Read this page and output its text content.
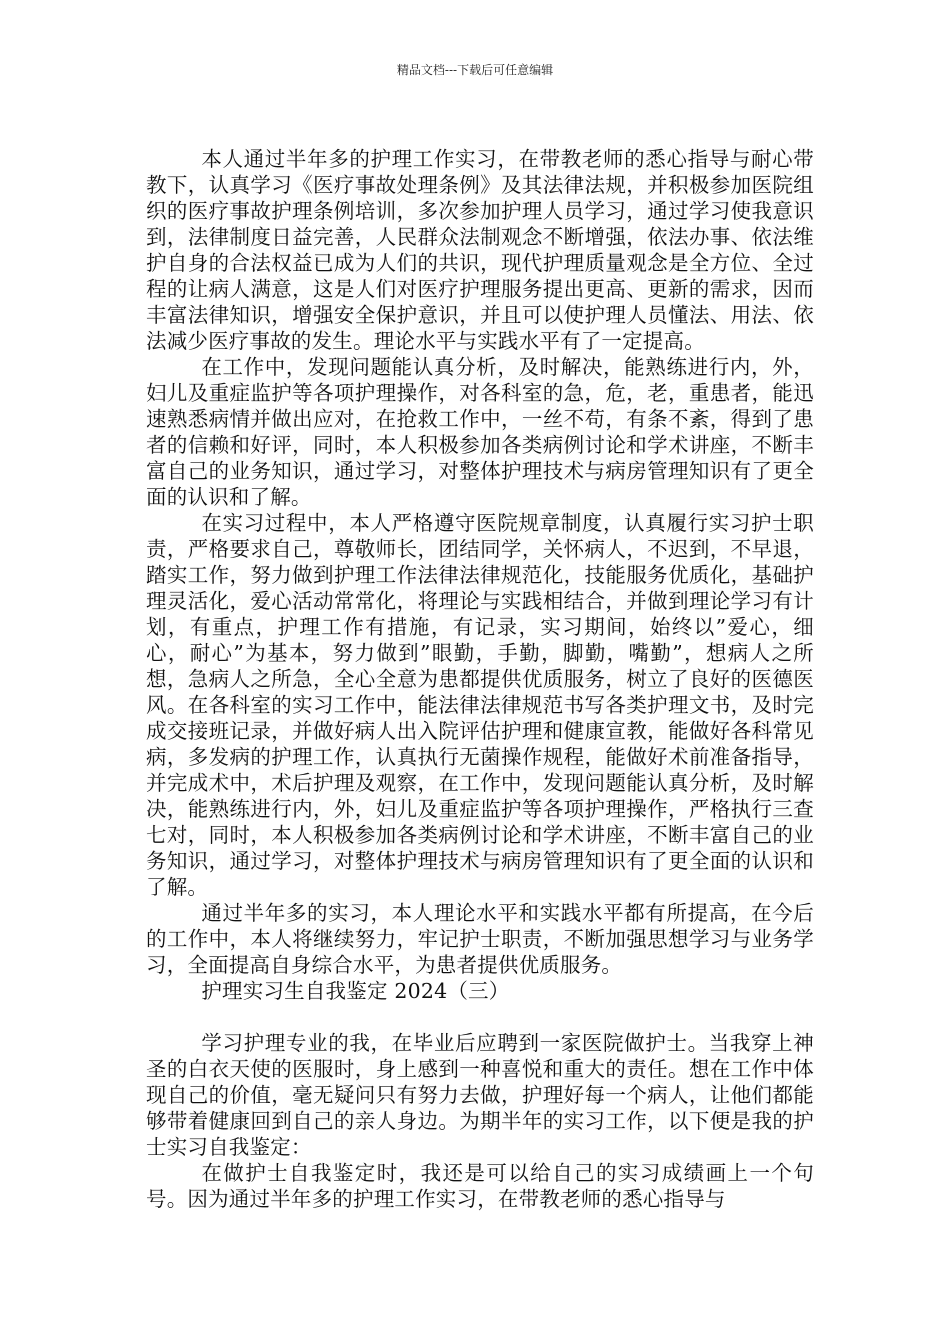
精品文档---下载后可任意编辑

本人通过半年多的护理工作实习，在带教老师的悉心指导与耐心带教下，认真学习《医疗事故处理条例》及其法律法规，并积极参加医院组织的医疗事故护理条例培训，多次参加护理人员学习，通过学习使我意识到，法律制度日益完善，人民群众法制观念不断增强，依法办事、依法维护自身的合法权益已成为人们的共识，现代护理质量观念是全方位、全过程的让病人满意，这是人们对医疗护理服务提出更高、更新的需求，因而丰富法律知识，增强安全保护意识，并且可以使护理人员懂法、用法、依法减少医疗事故的发生。理论水平与实践水平有了一定提高。

在工作中，发现问题能认真分析，及时解决，能熟练进行内，外，妇儿及重症监护等各项护理操作，对各科室的急，危，老，重患者，能迅速熟悉病情并做出应对，在抢救工作中，一丝不苟，有条不紊，得到了患者的信赖和好评，同时，本人积极参加各类病例讨论和学术讲座，不断丰富自己的业务知识，通过学习，对整体护理技术与病房管理知识有了更全面的认识和了解。

在实习过程中，本人严格遵守医院规章制度，认真履行实习护士职责，严格要求自己，尊敬师长，团结同学，关怀病人，不迟到，不早退，踏实工作，努力做到护理工作法律法律规范化，技能服务优质化，基础护理灵活化，爱心活动常常化，将理论与实践相结合，并做到理论学习有计划，有重点，护理工作有措施，有记录，实习期间，始终以”爱心，细心，耐心”为基本，努力做到”眼勤，手勤，脚勤，嘴勤”，想病人之所想，急病人之所急，全心全意为患都提供优质服务，树立了良好的医德医风。在各科室的实习工作中，能法律法律规范书写各类护理文书，及时完成交接班记录，并做好病人出入院评估护理和健康宣教，能做好各科常见病，多发病的护理工作，认真执行无菌操作规程，能做好术前准备指导，并完成术中，术后护理及观察，在工作中，发现问题能认真分析，及时解决，能熟练进行内，外，妇儿及重症监护等各项护理操作，严格执行三查七对，同时，本人积极参加各类病例讨论和学术讲座，不断丰富自己的业务知识，通过学习，对整体护理技术与病房管理知识有了更全面的认识和了解。

通过半年多的实习，本人理论水平和实践水平都有所提高，在今后的工作中，本人将继续努力，牢记护士职责，不断加强思想学习与业务学习，全面提高自身综合水平，为患者提供优质服务。

护理实习生自我鉴定 2024（三）

学习护理专业的我，在毕业后应聘到一家医院做护士。当我穿上神圣的白衣天使的医服时，身上感到一种喜悦和重大的责任。想在工作中体现自己的价值，毫无疑问只有努力去做，护理好每一个病人，让他们都能够带着健康回到自己的亲人身边。为期半年的实习工作，以下便是我的护士实习自我鉴定：

在做护士自我鉴定时，我还是可以给自己的实习成绩画上一个句号。因为通过半年多的护理工作实习，在带教老师的悉心指导与
